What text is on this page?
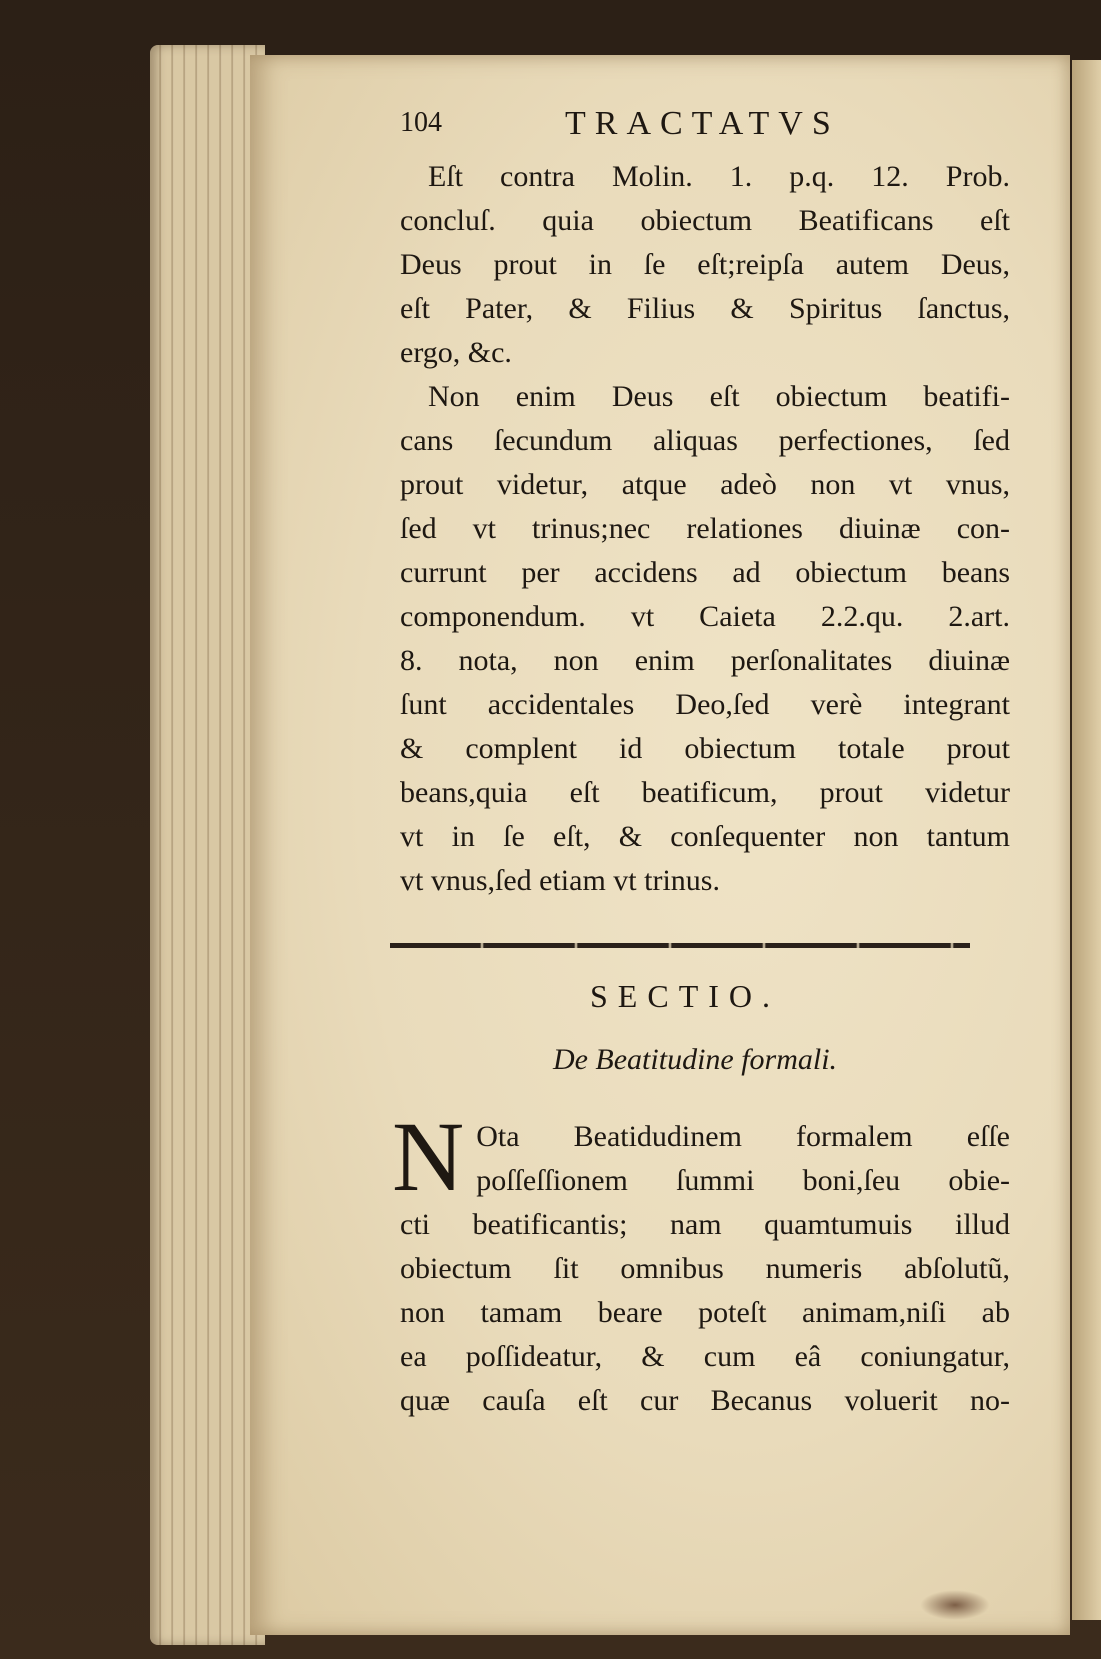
104	TRACTATVS
Eſt contra Molin. 1. p.q. 12. Prob.
concluſ. quia obiectum Beatificans eſt
Deus prout in ſe eſt;reipſa autem Deus,
eſt Pater, & Filius & Spiritus ſanctus,
ergo, &c.
Non enim Deus eſt obiectum beatifi-
cans ſecundum aliquas perfectiones, ſed
prout videtur, atque adeò non vt vnus,
ſed vt trinus;nec relationes diuinæ con-
currunt per accidens ad obiectum beans
componendum. vt Caieta 2.2.qu. 2.art.
8. nota, non enim perſonalitates diuinæ
ſunt accidentales Deo,ſed verè integrant
& complent id obiectum totale prout
beans,quia eſt beatificum, prout videtur
vt in ſe eſt, & conſequenter non tantum
vt vnus,ſed etiam vt trinus.
SECTIO.
De Beatitudine formali.
N Ota Beatidudinem formalem eſſe
poſſeſſionem ſummi boni,ſeu obie-
cti beatificantis; nam quamtumuis illud
obiectum ſit omnibus numeris abſolutũ,
non tamam beare poteſt animam,niſi ab
ea poſſideatur, & cum eâ coniungatur,
quæ cauſa eſt cur Becanus voluerit no-
